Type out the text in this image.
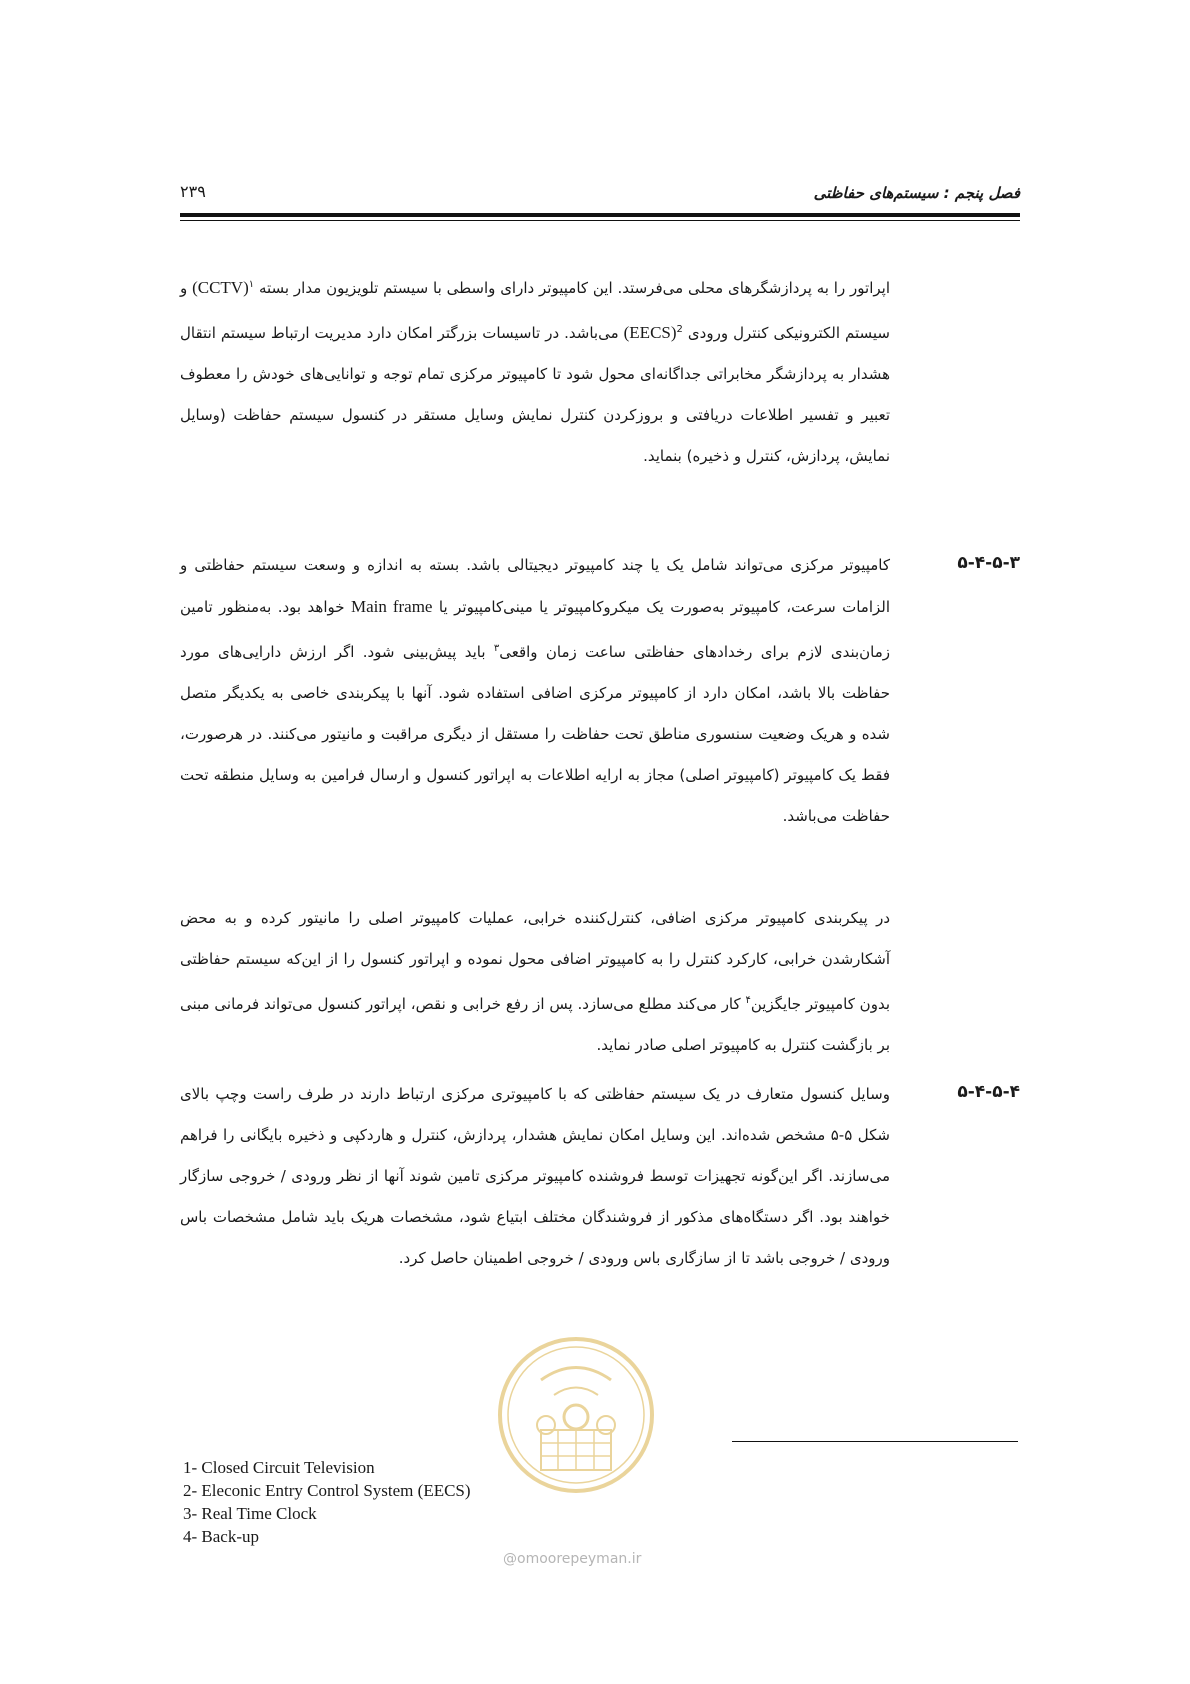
فصل پنجم : سیستم‌های حفاظتی
۲۳۹

اپراتور را به پردازشگرهای محلی می‌فرستد. این کامپیوتر دارای واسطی با سیستم تلویزیون مدار بسته (CCTV)$^۱$ و سیستم الکترونیکی کنترل ورودی (EECS)$^2$ می‌باشد. در تاسیسات بزرگتر امکان دارد مدیریت ارتباط سیستم انتقال هشدار به پردازشگر مخابراتی جداگانه‌ای محول شود تا کامپیوتر مرکزی تمام توجه و توانایی‌های خودش را معطوف تعبیر و تفسیر اطلاعات دریافتی و بروزکردن کنترل نمایش وسایل مستقر در کنسول سیستم حفاظت (وسایل نمایش، پردازش، کنترل و ذخیره) بنماید.

۵-۴-۵-۳

کامپیوتر مرکزی می‌تواند شامل یک یا چند کامپیوتر دیجیتالی باشد. بسته به اندازه و وسعت سیستم حفاظتی و الزامات سرعت، کامپیوتر به‌صورت یک میکروکامپیوتر یا مینی‌کامپیوتر یا Main frame خواهد بود. به‌منظور تامین زمان‌بندی لازم برای رخدادهای حفاظتی ساعت زمان واقعی$^۳$ باید پیش‌بینی شود. اگر ارزش دارایی‌های مورد حفاظت بالا باشد، امکان دارد از کامپیوتر مرکزی اضافی استفاده شود. آنها با پیکربندی خاصی به یکدیگر متصل شده و هریک وضعیت سنسوری مناطق تحت حفاظت را مستقل از دیگری مراقبت و مانیتور می‌کنند. در هرصورت، فقط یک کامپیوتر (کامپیوتر اصلی) مجاز به ارایه اطلاعات به اپراتور کنسول و ارسال فرامین به وسایل منطقه تحت حفاظت می‌باشد.

در پیکربندی کامپیوتر مرکزی اضافی، کنترل‌کننده خرابی، عملیات کامپیوتر اصلی را مانیتور کرده و به محض آشکارشدن خرابی، کارکرد کنترل را به کامپیوتر اضافی محول نموده و اپراتور کنسول را از این‌که سیستم حفاظتی بدون کامپیوتر جایگزین$^۴$ کار می‌کند مطلع می‌سازد. پس از رفع خرابی و نقص، اپراتور کنسول می‌تواند فرمانی مبنی بر بازگشت کنترل به کامپیوتر اصلی صادر نماید.

۵-۴-۵-۴

وسایل کنسول متعارف در یک سیستم حفاظتی که با کامپیوتری مرکزی ارتباط دارند در طرف راست وچپ بالای شکل ۵-۵ مشخص شده‌اند. این وسایل امکان نمایش هشدار، پردازش، کنترل و هاردکپی و ذخیره بایگانی را فراهم می‌سازند. اگر این‌گونه تجهیزات توسط فروشنده کامپیوتر مرکزی تامین شوند آنها از نظر ورودی / خروجی سازگار خواهند بود. اگر دستگاه‌های مذکور از فروشندگان مختلف ابتیاع شود، مشخصات هریک باید شامل مشخصات باس ورودی / خروجی باشد تا از سازگاری باس ورودی / خروجی اطمینان حاصل کرد.

1- Closed Circuit Television
2- Eleconic Entry Control System (EECS)
3- Real Time Clock
4- Back-up
@omoorepeyman.ir
